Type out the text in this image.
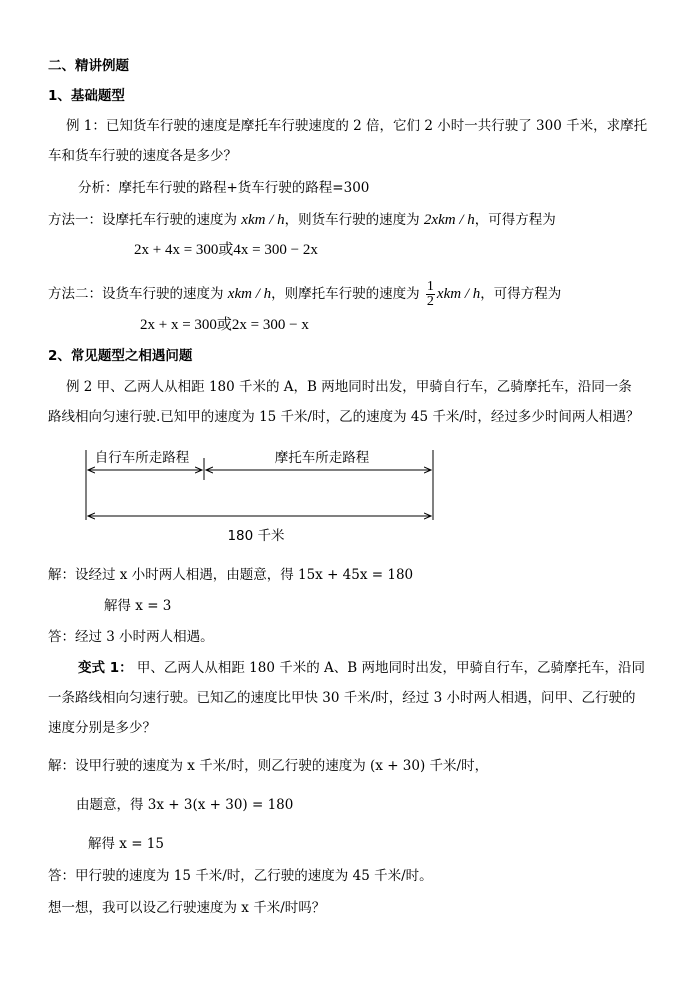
二、精讲例题
1、基础题型
例 1：已知货车行驶的速度是摩托车行驶速度的 2 倍，它们 2 小时一共行驶了 300 千米，求摩托
车和货车行驶的速度各是多少？
分析：摩托车行驶的路程+货车行驶的路程=300
方法一：设摩托车行驶的速度为 xkm / h，则货车行驶的速度为 2xkm / h，可得方程为
2x + 4x = 300或4x = 300 − 2x
方法二：设货车行驶的速度为 xkm / h，则摩托车行驶的速度为 $\frac{1}{2}$ xkm / h，可得方程为
2x + x = 300或2x = 300 − x
2、常见题型之相遇问题
例 2 甲、乙两人从相距 180 千米的 A，B 两地同时出发，甲骑自行车，乙骑摩托车，沿同一条
路线相向匀速行驶.已知甲的速度为 15 千米/时，乙的速度为 45 千米/时，经过多少时间两人相遇？
自行车所走路程	摩托车所走路程
180 千米
解：设经过 x 小时两人相遇，由题意，得 15x + 45x = 180
解得 x = 3
答：经过 3 小时两人相遇。
变式 1： 甲、乙两人从相距 180 千米的 A、B 两地同时出发，甲骑自行车，乙骑摩托车，沿同
一条路线相向匀速行驶。已知乙的速度比甲快 30 千米/时，经过 3 小时两人相遇，问甲、乙行驶的
速度分别是多少？
解：设甲行驶的速度为 x 千米/时，则乙行驶的速度为 (x + 30) 千米/时，
由题意，得 3x + 3(x + 30) = 180
解得 x = 15
答：甲行驶的速度为 15 千米/时，乙行驶的速度为 45 千米/时。
想一想，我可以设乙行驶速度为 x 千米/时吗？
